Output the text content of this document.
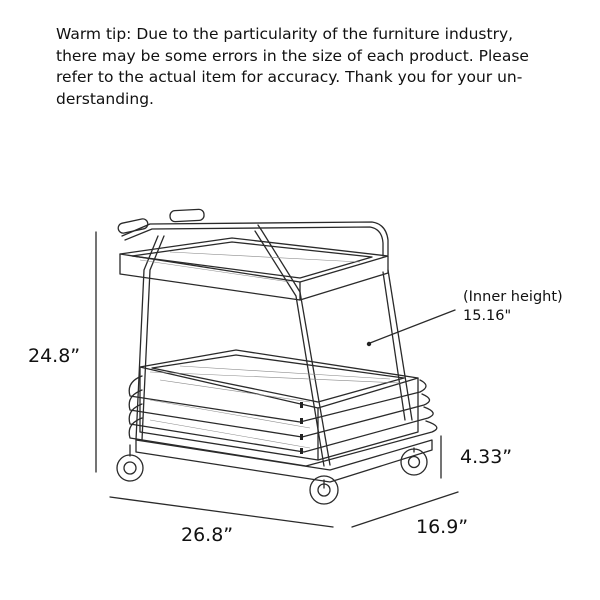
Warm tip: Due to the particularity of the furniture industry,
there may be some errors in the size of each product. Please
refer to the actual item for accuracy. Thank you for your un-
derstanding.
24.8”
26.8”	16.9”
4.33”
(Inner height)
15.16"
